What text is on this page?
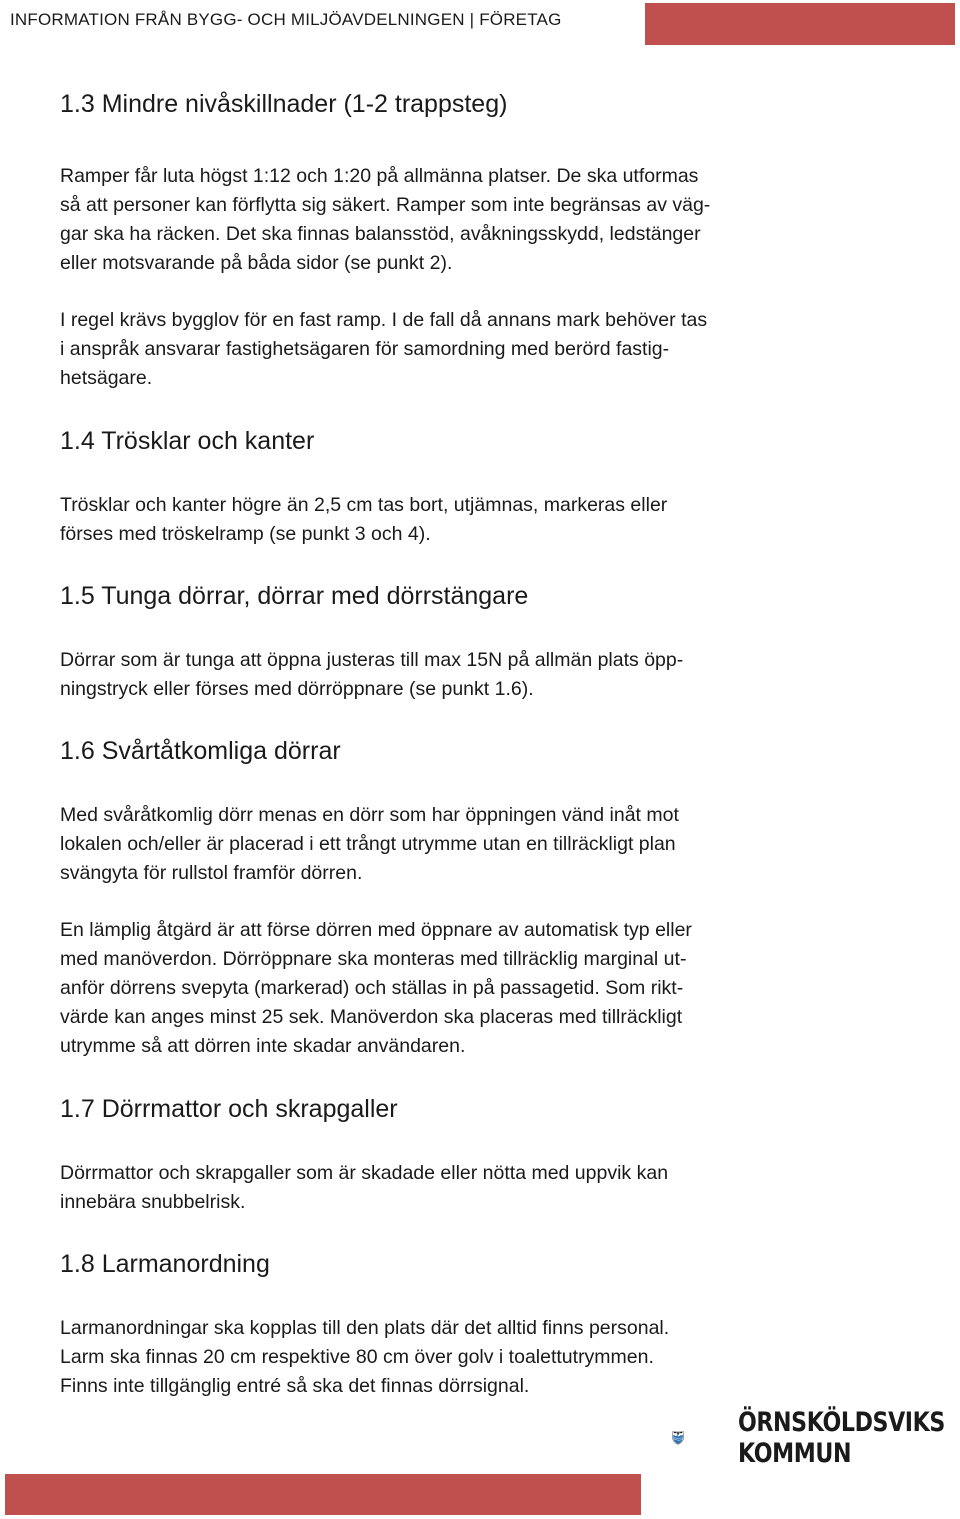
INFORMATION FRÅN BYGG- OCH MILJÖAVDELNINGEN | FÖRETAG
1.3 Mindre nivåskillnader (1-2 trappsteg)

Ramper får luta högst 1:12 och 1:20 på allmänna platser. De ska utformas
så att personer kan förflytta sig säkert. Ramper som inte begränsas av väg-
gar ska ha räcken. Det ska finnas balansstöd, avåkningsskydd, ledstänger
eller motsvarande på båda sidor (se punkt 2).

I regel krävs bygglov för en fast ramp. I de fall då annans mark behöver tas
i anspråk ansvarar fastighetsägaren för samordning med berörd fastig-
hetsägare.

1.4 Trösklar och kanter

Trösklar och kanter högre än 2,5 cm tas bort, utjämnas, markeras eller
förses med tröskelramp (se punkt 3 och 4).

1.5 Tunga dörrar, dörrar med dörrstängare

Dörrar som är tunga att öppna justeras till max 15N på allmän plats öpp-
ningstryck eller förses med dörröppnare (se punkt 1.6).

1.6 Svårtåtkomliga dörrar

Med svåråtkomlig dörr menas en dörr som har öppningen vänd inåt mot
lokalen och/eller är placerad i ett trångt utrymme utan en tillräckligt plan
svängyta för rullstol framför dörren.

En lämplig åtgärd är att förse dörren med öppnare av automatisk typ eller
med manöverdon. Dörröppnare ska monteras med tillräcklig marginal ut-
anför dörrens svepyta (markerad) och ställas in på passagetid. Som rikt-
värde kan anges minst 25 sek. Manöverdon ska placeras med tillräckligt
utrymme så att dörren inte skadar användaren.

1.7 Dörrmattor och skrapgaller

Dörrmattor och skrapgaller som är skadade eller nötta med uppvik kan
innebära snubbelrisk.

1.8 Larmanordning

Larmanordningar ska kopplas till den plats där det alltid finns personal.
Larm ska finnas 20 cm respektive 80 cm över golv i toalettutrymmen.
Finns inte tillgänglig entré så ska det finnas dörrsignal.

ÖRNSKÖLDSVIKS
KOMMUN
